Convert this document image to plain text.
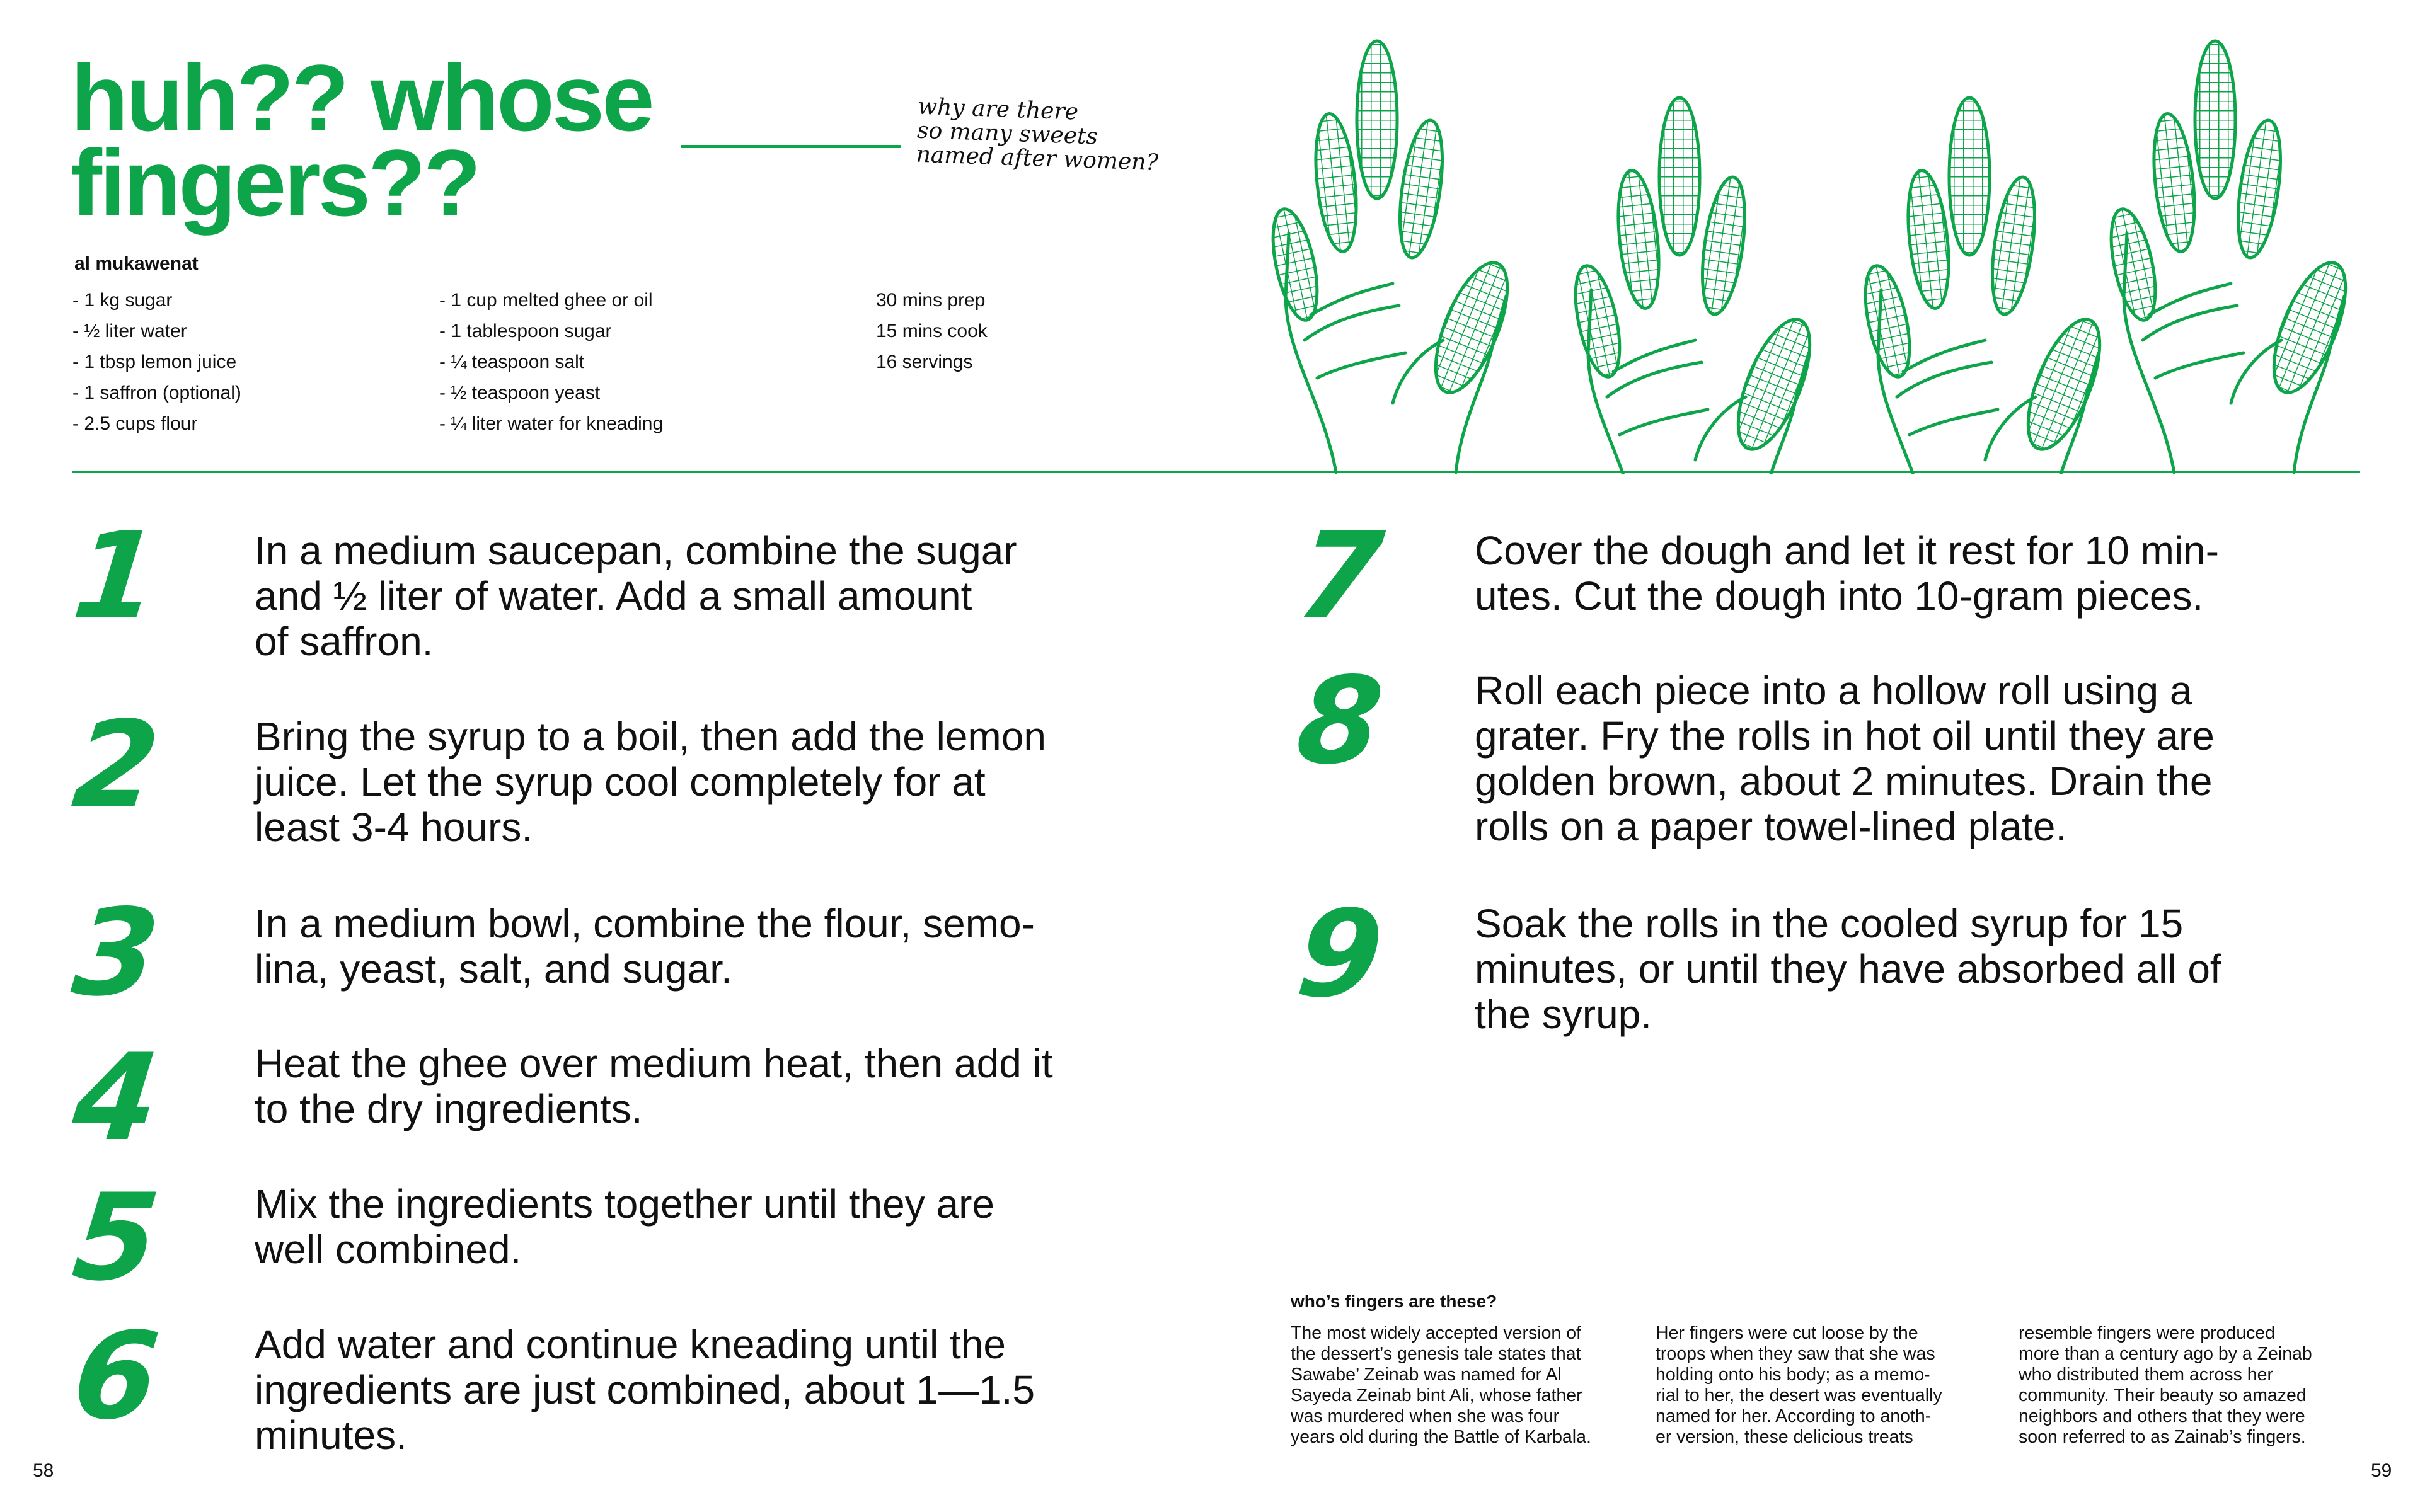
huh?? whose
fingers??
why are there
so many sweets
named after women?
al mukawenat
- 1 kg sugar
- ½ liter water
- 1 tbsp lemon juice
- 1 saffron (optional)
- 2.5 cups flour
- 1 cup melted ghee or oil
- 1 tablespoon sugar
- ¼ teaspoon salt
- ½ teaspoon yeast
- ¼ liter water for kneading
30 mins prep
15 mins cook
16 servings
1 In a medium saucepan, combine the sugar
and ½ liter of water. Add a small amount
of saffron.
2 Bring the syrup to a boil, then add the lemon
juice. Let the syrup cool completely for at
least 3-4 hours.
3 In a medium bowl, combine the flour, semo-
lina, yeast, salt, and sugar.
4 Heat the ghee over medium heat, then add it
to the dry ingredients.
5 Mix the ingredients together until they are
well combined.
6 Add water and continue kneading until the
ingredients are just combined, about 1—1.5
minutes.
7 Cover the dough and let it rest for 10 min-
utes. Cut the dough into 10-gram pieces.
8 Roll each piece into a hollow roll using a
grater. Fry the rolls in hot oil until they are
golden brown, about 2 minutes. Drain the
rolls on a paper towel-lined plate.
9 Soak the rolls in the cooled syrup for 15
minutes, or until they have absorbed all of
the syrup.
who’s fingers are these?
The most widely accepted version of
the dessert’s genesis tale states that
Sawabe’ Zeinab was named for Al
Sayeda Zeinab bint Ali, whose father
was murdered when she was four
years old during the Battle of Karbala.
Her fingers were cut loose by the
troops when they saw that she was
holding onto his body; as a memo-
rial to her, the desert was eventually
named for her. According to anoth-
er version, these delicious treats
resemble fingers were produced
more than a century ago by a Zeinab
who distributed them across her
community. Their beauty so amazed
neighbors and others that they were
soon referred to as Zainab’s fingers.
58	59
